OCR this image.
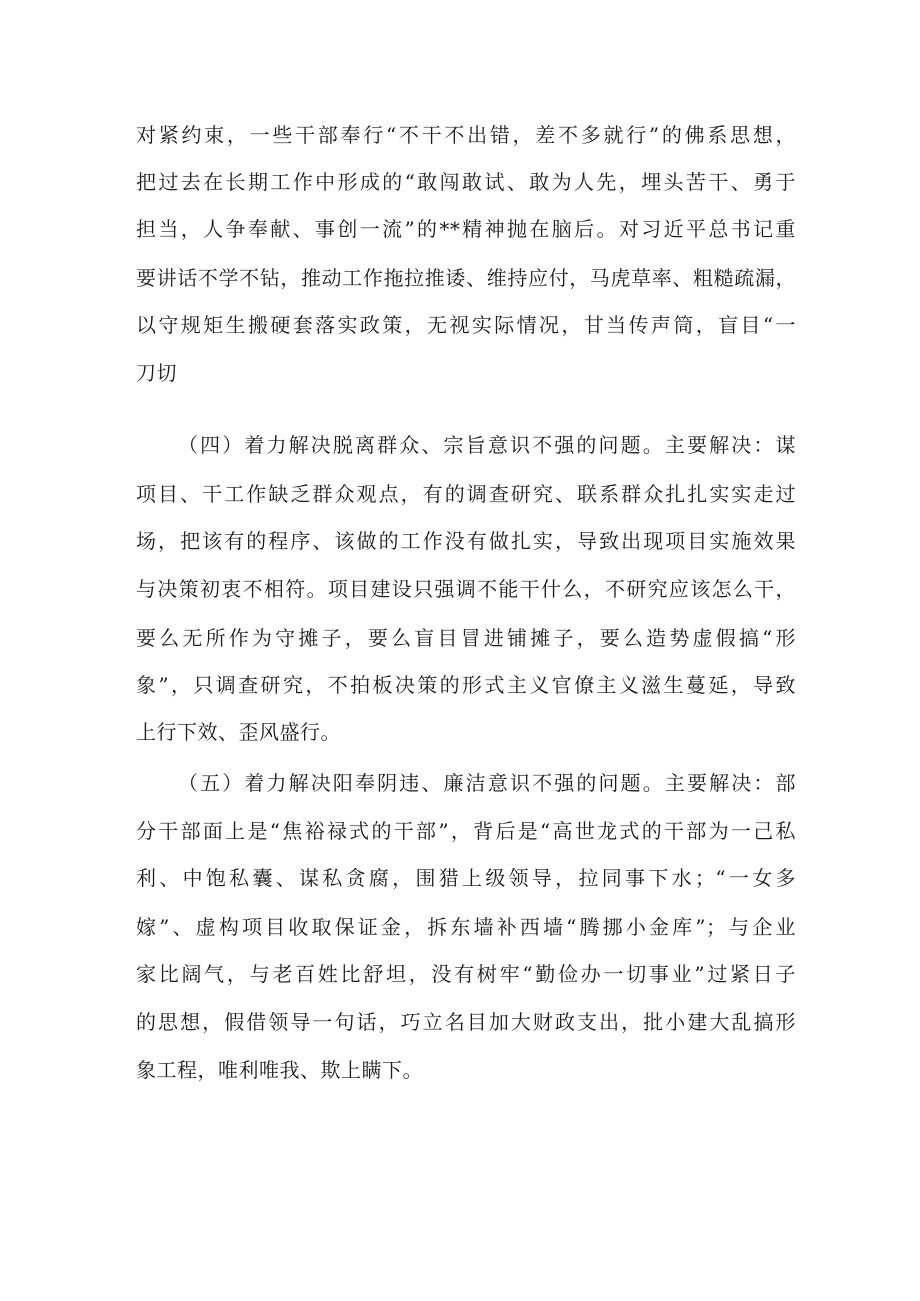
对紧约束，一些干部奉行“不干不出错，差不多就行”的佛系思想，

把过去在长期工作中形成的“敢闯敢试、敢为人先，埋头苦干、勇于

担当，人争奉献、事创一流”的**精神抛在脑后。对习近平总书记重

要讲话不学不钻，推动工作拖拉推诿、维持应付，马虎草率、粗糙疏漏，

以守规矩生搬硬套落实政策，无视实际情况，甘当传声筒，盲目“一

刀切

（四）着力解决脱离群众、宗旨意识不强的问题。主要解决：谋

项目、干工作缺乏群众观点，有的调查研究、联系群众扎扎实实走过

场，把该有的程序、该做的工作没有做扎实，导致出现项目实施效果

与决策初衷不相符。项目建设只强调不能干什么，不研究应该怎么干，

要么无所作为守摊子，要么盲目冒进铺摊子，要么造势虚假搞“形

象”，只调查研究，不拍板决策的形式主义官僚主义滋生蔓延，导致

上行下效、歪风盛行。

（五）着力解决阳奉阴违、廉洁意识不强的问题。主要解决：部

分干部面上是“焦裕禄式的干部”，背后是“高世龙式的干部为一己私

利、中饱私囊、谋私贪腐，围猎上级领导，拉同事下水；“一女多

嫁”、虚构项目收取保证金，拆东墙补西墙“腾挪小金库”；与企业

家比阔气，与老百姓比舒坦，没有树牢“勤俭办一切事业”过紧日子

的思想，假借领导一句话，巧立名目加大财政支出，批小建大乱搞形

象工程，唯利唯我、欺上瞒下。
